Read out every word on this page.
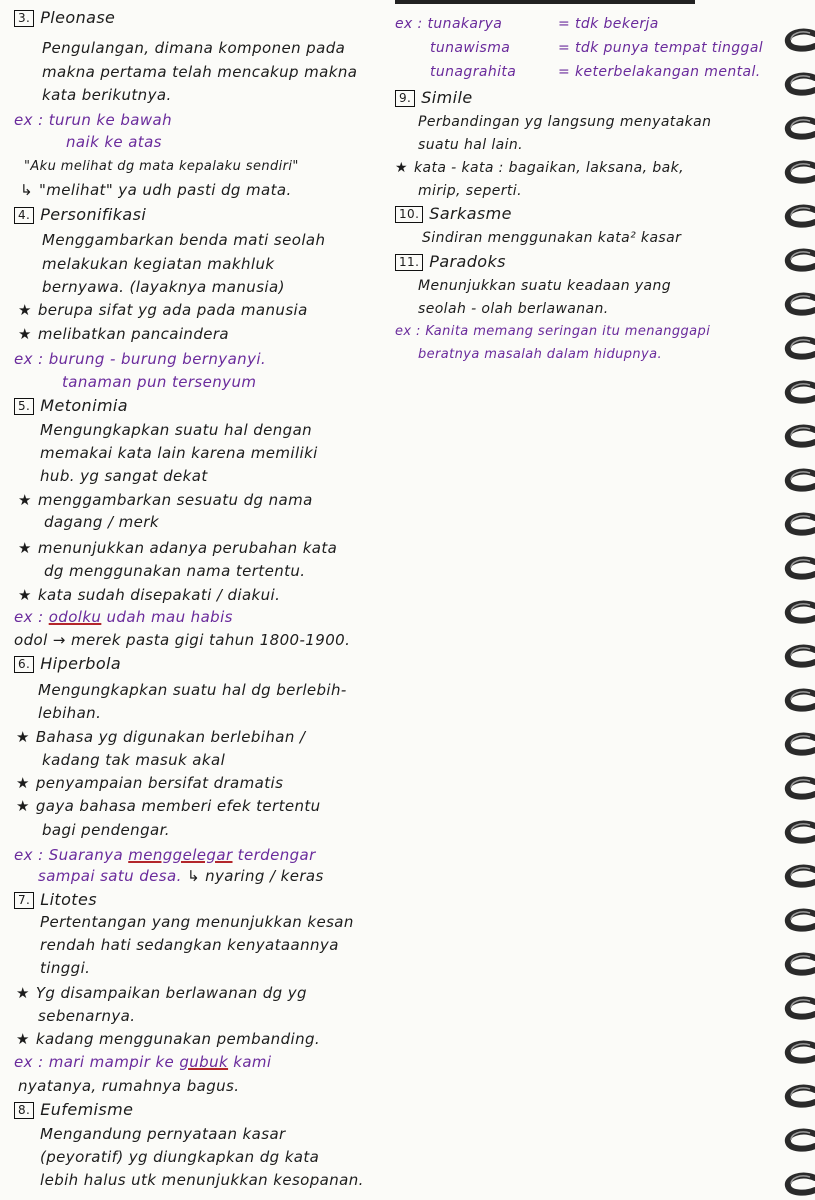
3. Pleonase
Pengulangan, dimana komponen pada
makna pertama telah mencakup makna
kata berikutnya.
ex : turun ke bawah
naik ke atas
"Aku melihat dg mata kepalaku sendiri"
↳ "melihat" ya udh pasti dg mata.
4. Personifikasi
Menggambarkan benda mati seolah
melakukan kegiatan makhluk
bernyawa. (layaknya manusia)
★ berupa sifat yg ada pada manusia
★ melibatkan pancaindera
ex : burung - burung bernyanyi.
tanaman pun tersenyum
5. Metonimia
Mengungkapkan suatu hal dengan
memakai kata lain karena memiliki
hub. yg sangat dekat
★ menggambarkan sesuatu dg nama
dagang / merk
★ menunjukkan adanya perubahan kata
dg menggunakan nama tertentu.
★ kata sudah disepakati / diakui.
ex : odolku udah mau habis
odol → merek pasta gigi tahun 1800-1900.
6. Hiperbola
Mengungkapkan suatu hal dg berlebih-
lebihan.
★ Bahasa yg digunakan berlebihan /
kadang tak masuk akal
★ penyampaian bersifat dramatis
★ gaya bahasa memberi efek tertentu
bagi pendengar.
ex : Suaranya menggelegar terdengar
sampai satu desa. ↳ nyaring / keras
7. Litotes
Pertentangan yang menunjukkan kesan
rendah hati sedangkan kenyataannya
tinggi.
★ Yg disampaikan berlawanan dg yg
sebenarnya.
★ kadang menggunakan pembanding.
ex : mari mampir ke gubuk kami
nyatanya, rumahnya bagus.
8. Eufemisme
Mengandung pernyataan kasar
(peyoratif) yg diungkapkan dg kata
lebih halus utk menunjukkan kesopanan.
ex : tunakarya	= tdk bekerja
tunawisma	= tdk punya tempat tinggal
tunagrahita	= keterbelakangan mental.
9. Simile
Perbandingan yg langsung menyatakan
suatu hal lain.
★ kata - kata : bagaikan, laksana, bak,
mirip, seperti.
10. Sarkasme
Sindiran menggunakan kata² kasar
11. Paradoks
Menunjukkan suatu keadaan yang
seolah - olah berlawanan.
ex : Kanita memang seringan itu menanggapi
beratnya masalah dalam hidupnya.
